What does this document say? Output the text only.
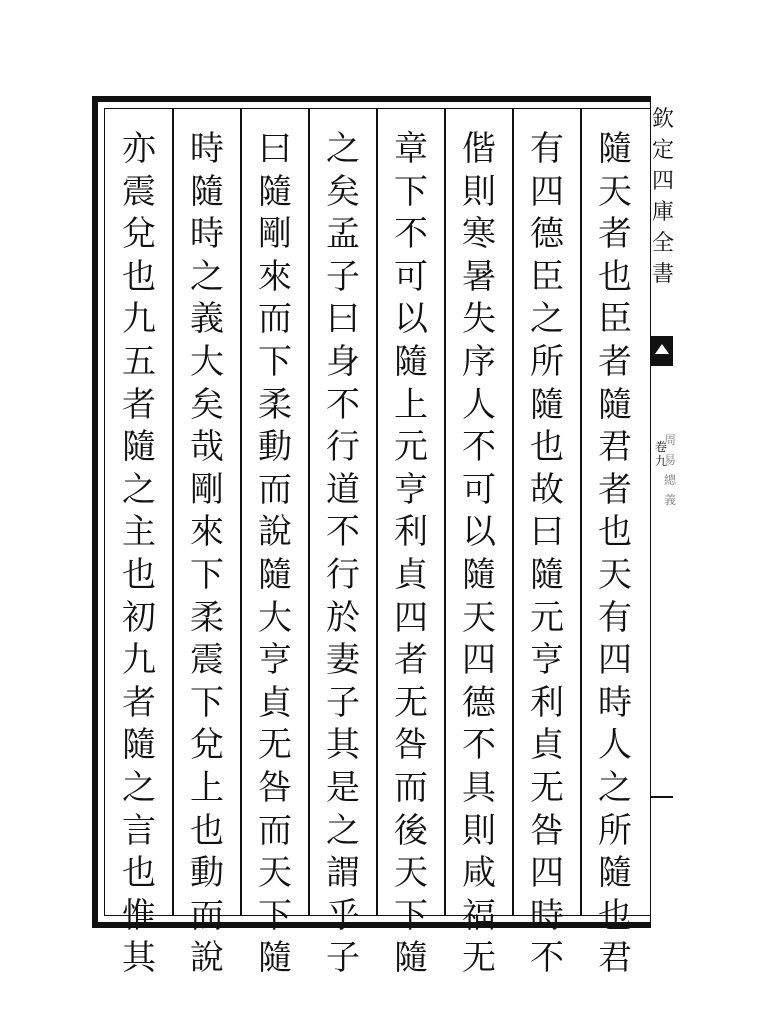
隨
天
者
也
臣
者
隨
君
者
也
天
有
四
時
人
之
所
隨
也
君
有
四
德
臣
之
所
隨
也
故
曰
隨
元
亨
利
貞
无
咎
四
時
不
偕
則
寒
暑
失
序
人
不
可
以
隨
天
四
德
不
具
則
咸
福
无
章
下
不
可
以
隨
上
元
亨
利
貞
四
者
无
咎
而
後
天
下
隨
之
矣
孟
子
曰
身
不
行
道
不
行
於
妻
子
其
是
之
謂
乎
子
曰
隨
剛
來
而
下
柔
動
而
說
隨
大
亨
貞
无
咎
而
天
下
隨
時
隨
時
之
義
大
矣
哉
剛
來
下
柔
震
下
兌
上
也
動
而
說
亦
震
兌
也
九
五
者
隨
之
主
也
初
九
者
隨
之
言
也
惟
其
欽
定
四
庫
全
書
卷
九
周
易
總
義
